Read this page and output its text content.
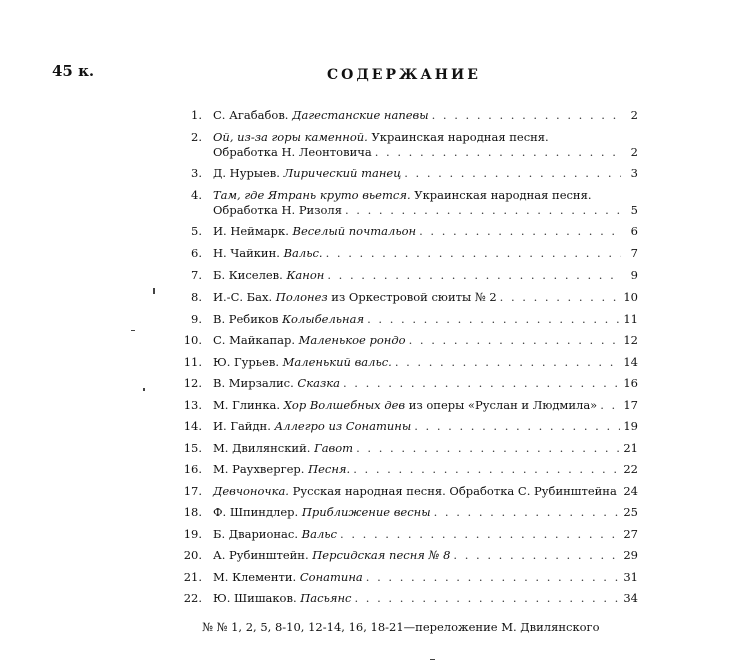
45 к.	СОДЕРЖАНИЕ
1. С. Агабабов. Дагестанские напевы . . .	2
2. Ой, из-за горы каменной. Украинская народная песня.
Обработка Н. Леонтовича . . .	2
3. Д. Нурыев. Лирический танец . . .	3
4. Там, где Ятрань круто вьется. Украинская народная песня.
Обработка Н. Ризоля . . .	5
5. И. Неймарк. Веселый почтальон . . .	6
6. Н. Чайкин. Вальс. . . .	7
7. Б. Киселев. Канон . . .	9
8. И.-С. Бах. Полонез из Оркестровой сюиты № 2 . . .	10
9. В. Ребиков Колыбельная . . .	11
10. С. Майкапар. Маленькое рондо . . .	12
11. Ю. Гурьев. Маленький вальс. . . .	14
12. В. Мирзалис. Сказка . . .	16
13. М. Глинка. Хор Волшебных дев из оперы «Руслан и Людмила» . . . 17
14. И. Гайдн. Аллегро из Сонатины . . .	19
15. М. Двилянский. Гавот . . .	21
16. М. Раухвергер. Песня. . . .	22
17. Девчоночка. Русская народная песня. Обработка С. Рубинштейна . . . 24
18. Ф. Шпиндлер. Приближение весны . . .	25
19. Б. Дварионас. Вальс . . .	27
20. А. Рубинштейн. Персидская песня № 8 . . .	29
21. М. Клементи. Сонатина . . .	31
22. Ю. Шишаков. Пасьянс . . .	34
№ № 1, 2, 5, 8-10, 12-14, 16, 18-21—переложение М. Двилянского
